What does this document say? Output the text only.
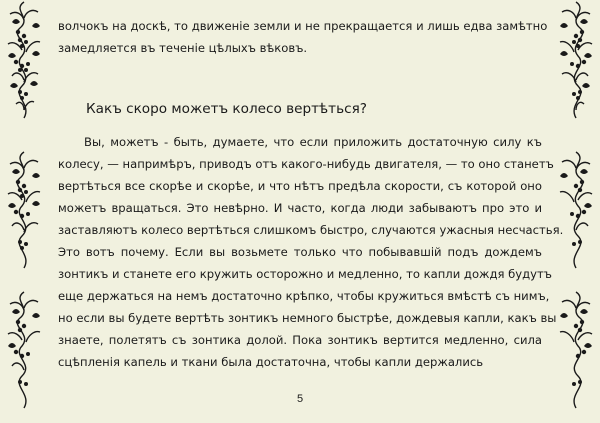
волчокъ на доскѣ, то движеніе земли и не прекращается и лишь едва замѣтно
замедляется въ теченіе цѣлыхъ вѣковъ.
Какъ скоро можетъ колесо вертѣться?
Вы, можетъ - быть, думаете, что если приложить достаточную силу къ
колесу, — напримѣръ, приводъ отъ какого-нибудь двигателя, — то оно станетъ
вертѣться все скорѣе и скорѣе, и что нѣтъ предѣла скорости, съ которой оно
можетъ вращаться. Это невѣрно. И часто, когда люди забываютъ про это и
заставляютъ колесо вертѣться слишкомъ быстро, случаются ужасныя несчастья.
Это вотъ почему. Если вы возьмете только что побывавшій подъ дождемъ
зонтикъ и станете его кружить осторожно и медленно, то капли дождя будутъ
еще держаться на немъ достаточно крѣпко, чтобы кружиться вмѣстѣ съ нимъ,
но если вы будете вертѣть зонтикъ немного быстрѣе, дождевыя капли, какъ вы
знаете, полетятъ съ зонтика долой. Пока зонтикъ вертится медленно, сила
сцѣпленія капель и ткани была достаточна, чтобы капли держались
5
